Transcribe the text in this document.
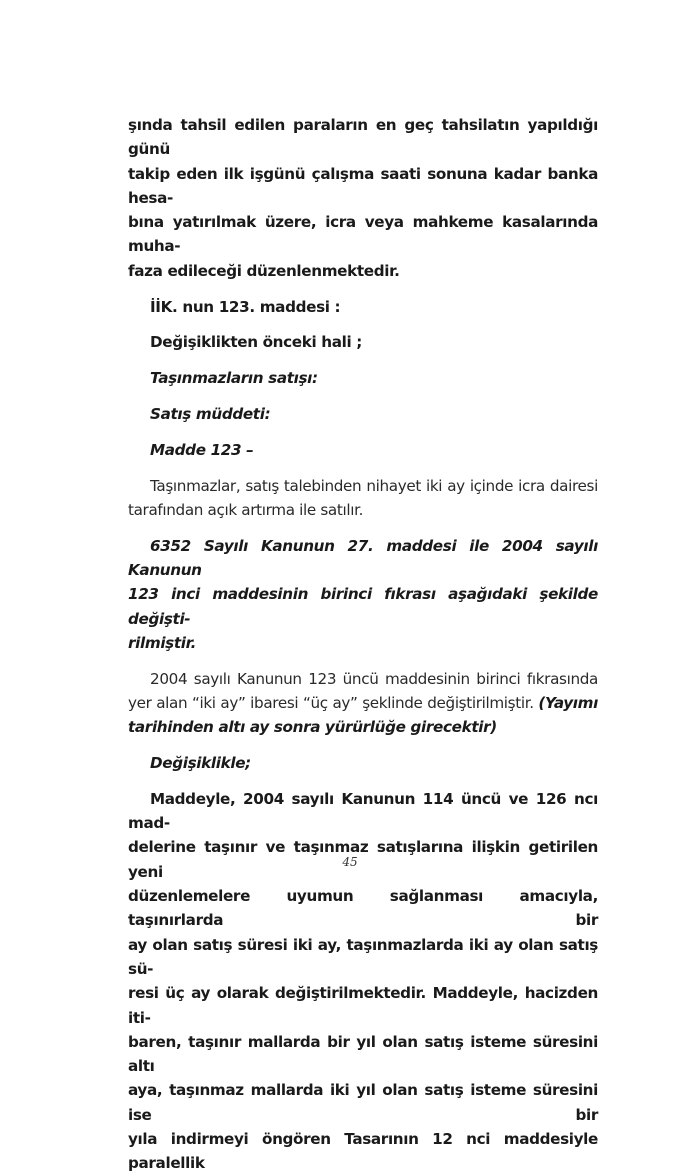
şında tahsil edilen paraların en geç tahsilatın yapıldığı günü
takip eden ilk işgünü çalışma saati sonuna kadar banka hesa-
bına yatırılmak üzere, icra veya mahkeme kasalarında muha-
faza edileceği düzenlenmektedir.

İİK. nun 123. maddesi :

Değişiklikten önceki hali ;

Taşınmazların satışı:

Satış müddeti:

Madde 123 –

Taşınmazlar, satış talebinden nihayet iki ay içinde icra dairesi
tarafından açık artırma ile satılır.

6352 Sayılı Kanunun 27. maddesi ile 2004 sayılı Kanunun
123 inci maddesinin birinci fıkrası aşağıdaki şekilde değişti-
rilmiştir.

2004 sayılı Kanunun 123 üncü maddesinin birinci fıkrasında
yer alan “iki ay” ibaresi “üç ay” şeklinde değiştirilmiştir. (Yayımı
tarihinden altı ay sonra yürürlüğe girecektir)

Değişiklikle;

Maddeyle, 2004 sayılı Kanunun 114 üncü ve 126 ncı mad-
delerine taşınır ve taşınmaz satışlarına ilişkin getirilen yeni
düzenlemelere uyumun sağlanması amacıyla, taşınırlarda bir
ay olan satış süresi iki ay, taşınmazlarda iki ay olan satış sü-
resi üç ay olarak değiştirilmektedir. Maddeyle, hacizden iti-
baren, taşınır mallarda bir yıl olan satış isteme süresini altı
aya, taşınmaz mallarda iki yıl olan satış isteme süresini ise bir
yıla indirmeyi öngören Tasarının 12 nci maddesiyle paralellik

45
